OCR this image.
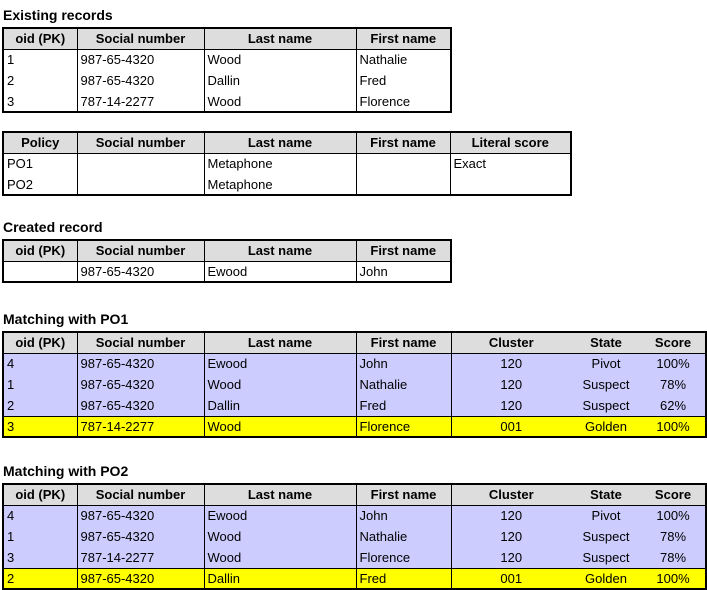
Existing records
oid (PK)	Social number	Last name	First name
1	987-65-4320	Wood	Nathalie
2	987-65-4320	Dallin	Fred
3	787-14-2277	Wood	Florence
Policy	Social number	Last name	First name	Literal score
PO1		Metaphone		Exact
PO2		Metaphone		
Created record
oid (PK)	Social number	Last name	First name
	987-65-4320	Ewood	John
Matching with PO1
oid (PK)	Social number	Last name	First name	Cluster	State	Score
4	987-65-4320	Ewood	John	120	Pivot	100%
1	987-65-4320	Wood	Nathalie	120	Suspect	78%
2	987-65-4320	Dallin	Fred	120	Suspect	62%
3	787-14-2277	Wood	Florence	001	Golden	100%
Matching with PO2
oid (PK)	Social number	Last name	First name	Cluster	State	Score
4	987-65-4320	Ewood	John	120	Pivot	100%
1	987-65-4320	Wood	Nathalie	120	Suspect	78%
3	787-14-2277	Wood	Florence	120	Suspect	78%
2	987-65-4320	Dallin	Fred	001	Golden	100%
